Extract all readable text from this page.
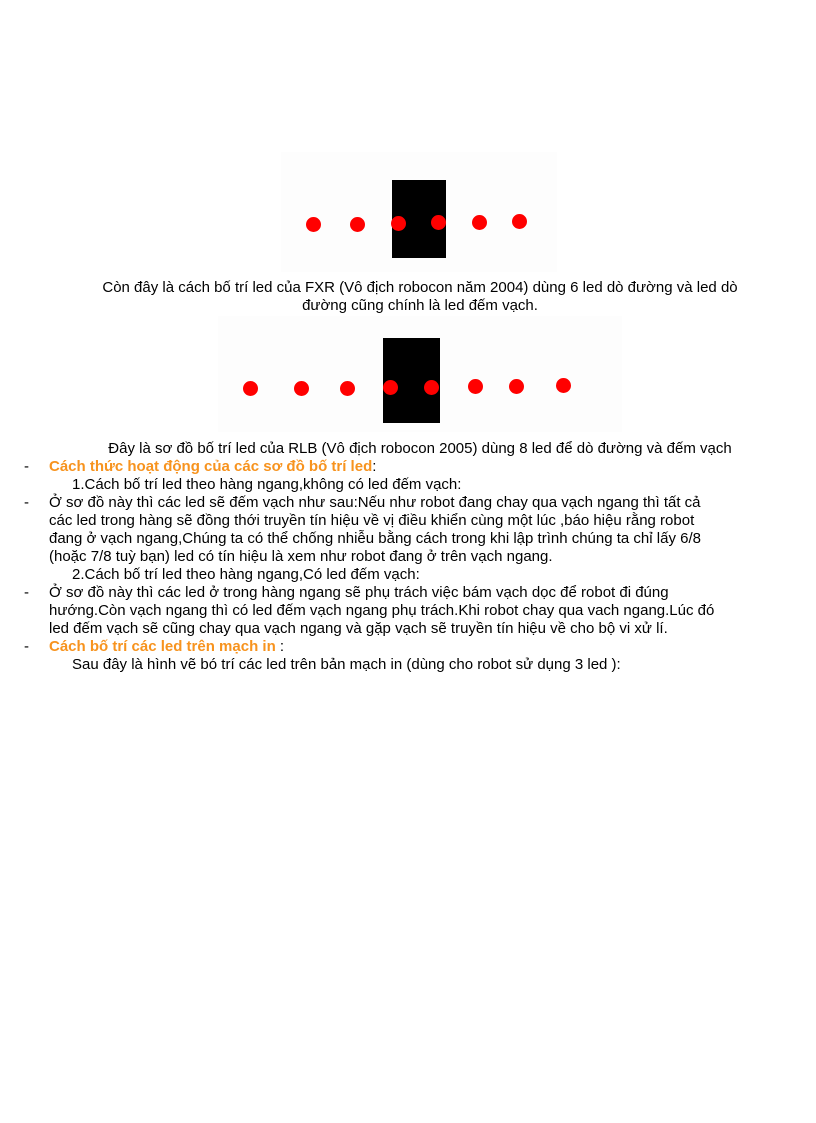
Còn đây là cách bố trí led của FXR (Vô địch robocon năm 2004) dùng 6 led dò đường và led dò
đường cũng chính là led đếm vạch.
Đây là sơ đồ bố trí led của RLB (Vô địch robocon 2005) dùng 8 led để dò đường và đếm vạch
- Cách thức hoạt động của các sơ đồ bố trí led:
1.Cách bố trí led theo hàng ngang,không có led đếm vạch:
- Ở sơ đồ này thì các led sẽ đếm vạch như sau:Nếu như robot đang chay qua vạch ngang thì tất cả
các led trong hàng sẽ đồng thới truyền tín hiệu về vị điều khiển cùng một lúc ,báo hiệu rằng robot
đang ở vạch ngang,Chúng ta có thể chống nhiễu bằng cách trong khi lập trình chúng ta chỉ lấy 6/8
(hoặc 7/8 tuỳ bạn) led có tín hiệu là xem như robot đang ở trên vạch ngang.
2.Cách bố trí led theo hàng ngang,Có led đếm vạch:
- Ở sơ đồ này thì các led ở trong hàng ngang sẽ phụ trách việc bám vạch dọc để robot đi đúng
hướng.Còn vạch ngang thì có led đếm vạch ngang phụ trách.Khi robot chay qua vach ngang.Lúc đó
led đếm vạch sẽ cũng chay qua vạch ngang và gặp vạch sẽ truyền tín hiệu về cho bộ vi xử lí.
- Cách bố trí các led trên mạch in :
Sau đây là hình vẽ bó trí các led trên bản mạch in (dùng cho robot sử dụng 3 led ):
